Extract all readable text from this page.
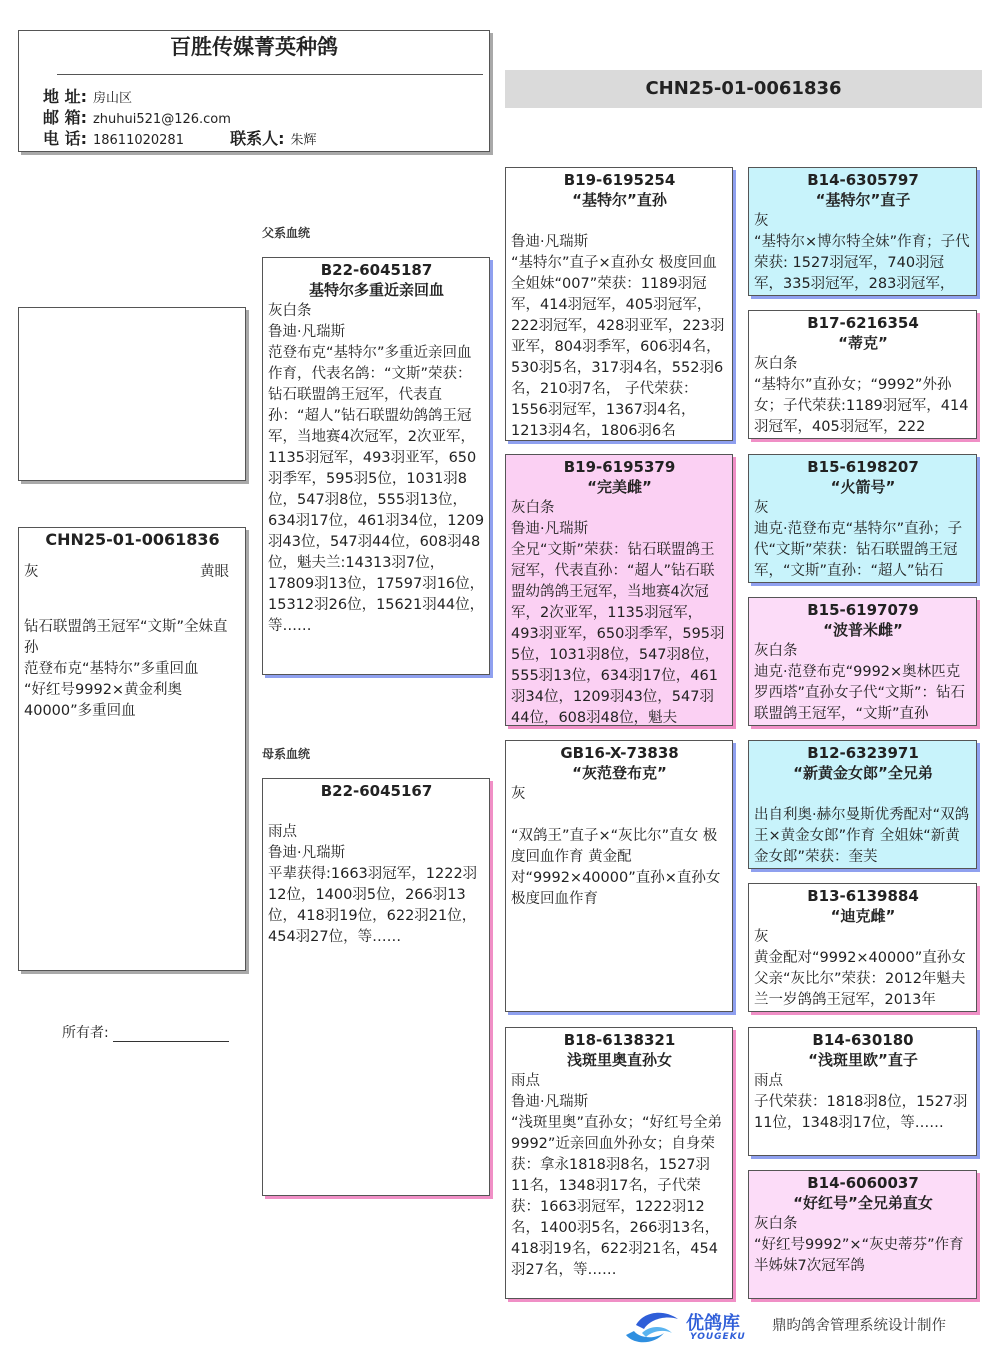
百胜传媒菁英种鸽
地 址: 房山区
邮 箱: zhuhui521@126.com
电 话: 18611020281	联系人: 朱辉
CHN25-01-0061836
CHN25-01-0061836
灰	黄眼
钻石联盟鸽王冠军“文斯”全妹直孙
范登布克“基特尔”多重回血
“好红号9992×黄金利奥40000”多重回血
所有者:
父系血统
母系血统
B22-6045187
基特尔多重近亲回血
灰白条
鲁迪·凡瑞斯
范登布克“基特尔”多重近亲回血作育，代表名鸽：“文斯”荣获：钻石联盟鸽王冠军，代表直孙：“超人”钻石联盟幼鸽鸽王冠军，当地赛4次冠军，2次亚军，1135羽冠军，493羽亚军，650羽季军，595羽5位，1031羽8位，547羽8位，555羽13位，634羽17位，461羽34位，1209羽43位，547羽44位，608羽48位，魁夫兰:14313羽7位，17809羽13位，17597羽16位，15312羽26位，15621羽44位，等……
B22-6045167
雨点
鲁迪·凡瑞斯
平辈获得:1663羽冠军，1222羽12位，1400羽5位，266羽13位，418羽19位，622羽21位，454羽27位，等……
B19-6195254
“基特尔”直孙
鲁迪·凡瑞斯
“基特尔”直子×直孙女 极度回血全姐妹“007”荣获：1189羽冠军，414羽冠军，405羽冠军，222羽冠军，428羽亚军，223羽亚军，804羽季军，606羽4名，530羽5名，317羽4名，552羽6名，210羽7名， 子代荣获：1556羽冠军，1367羽4名，1213羽4名，1806羽6名
B19-6195379
“完美雌”
灰白条
鲁迪·凡瑞斯
全兄“文斯”荣获：钻石联盟鸽王冠军，代表直孙：“超人”钻石联盟幼鸽鸽王冠军，当地赛4次冠军，2次亚军，1135羽冠军，493羽亚军，650羽季军，595羽5位，1031羽8位，547羽8位，555羽13位，634羽17位，461羽34位，1209羽43位，547羽44位，608羽48位，魁夫
GB16-X-73838
“灰范登布克”
灰
“双鸽王”直子×“灰比尔”直女 极度回血作育 黄金配对“9992×40000”直孙×直孙女 极度回血作育
B18-6138321
浅斑里奥直孙女
雨点
鲁迪·凡瑞斯
“浅斑里奥”直孙女；“好红号全弟9992”近亲回血外孙女；自身荣获：拿永1818羽8名，1527羽11名，1348羽17名，子代荣获：1663羽冠军，1222羽12名，1400羽5名，266羽13名，418羽19名，622羽21名，454羽27名，等……
B14-6305797
“基特尔”直子
灰
“基特尔×博尔特全妹”作育；子代荣获: 1527羽冠军，740羽冠军，335羽冠军，283羽冠军，
B17-6216354
“蒂克”
灰白条
“基特尔”直孙女；“9992”外孙女；子代荣获:1189羽冠军，414羽冠军，405羽冠军，222
B15-6198207
“火箭号”
灰
迪克·范登布克“基特尔”直孙；子代“文斯”荣获：钻石联盟鸽王冠军，“文斯”直孙：“超人”钻石
B15-6197079
“波普米雌”
灰白条
迪克·范登布克“9992×奥林匹克罗西塔”直孙女子代“文斯”：钻石联盟鸽王冠军，“文斯”直孙
B12-6323971
“新黄金女郎”全兄弟
出自利奥·赫尔曼斯优秀配对“双鸽王×黄金女郎”作育 全姐妹“新黄金女郎”荣获：奎芙
B13-6139884
“迪克雌”
灰
黄金配对“9992×40000”直孙女 父亲“灰比尔”荣获：2012年魁夫兰一岁鸽鸽王冠军，2013年
B14-630180
“浅斑里欧”直子
雨点
子代荣获：1818羽8位，1527羽11位，1348羽17位，等……
B14-6060037
“好红号”全兄弟直女
灰白条
“好红号9992”×“灰史蒂芬”作育 半姊妹7次冠军鸽
优鸽库
YOUGEKU
鼎昀鸽舍管理系统设计制作
